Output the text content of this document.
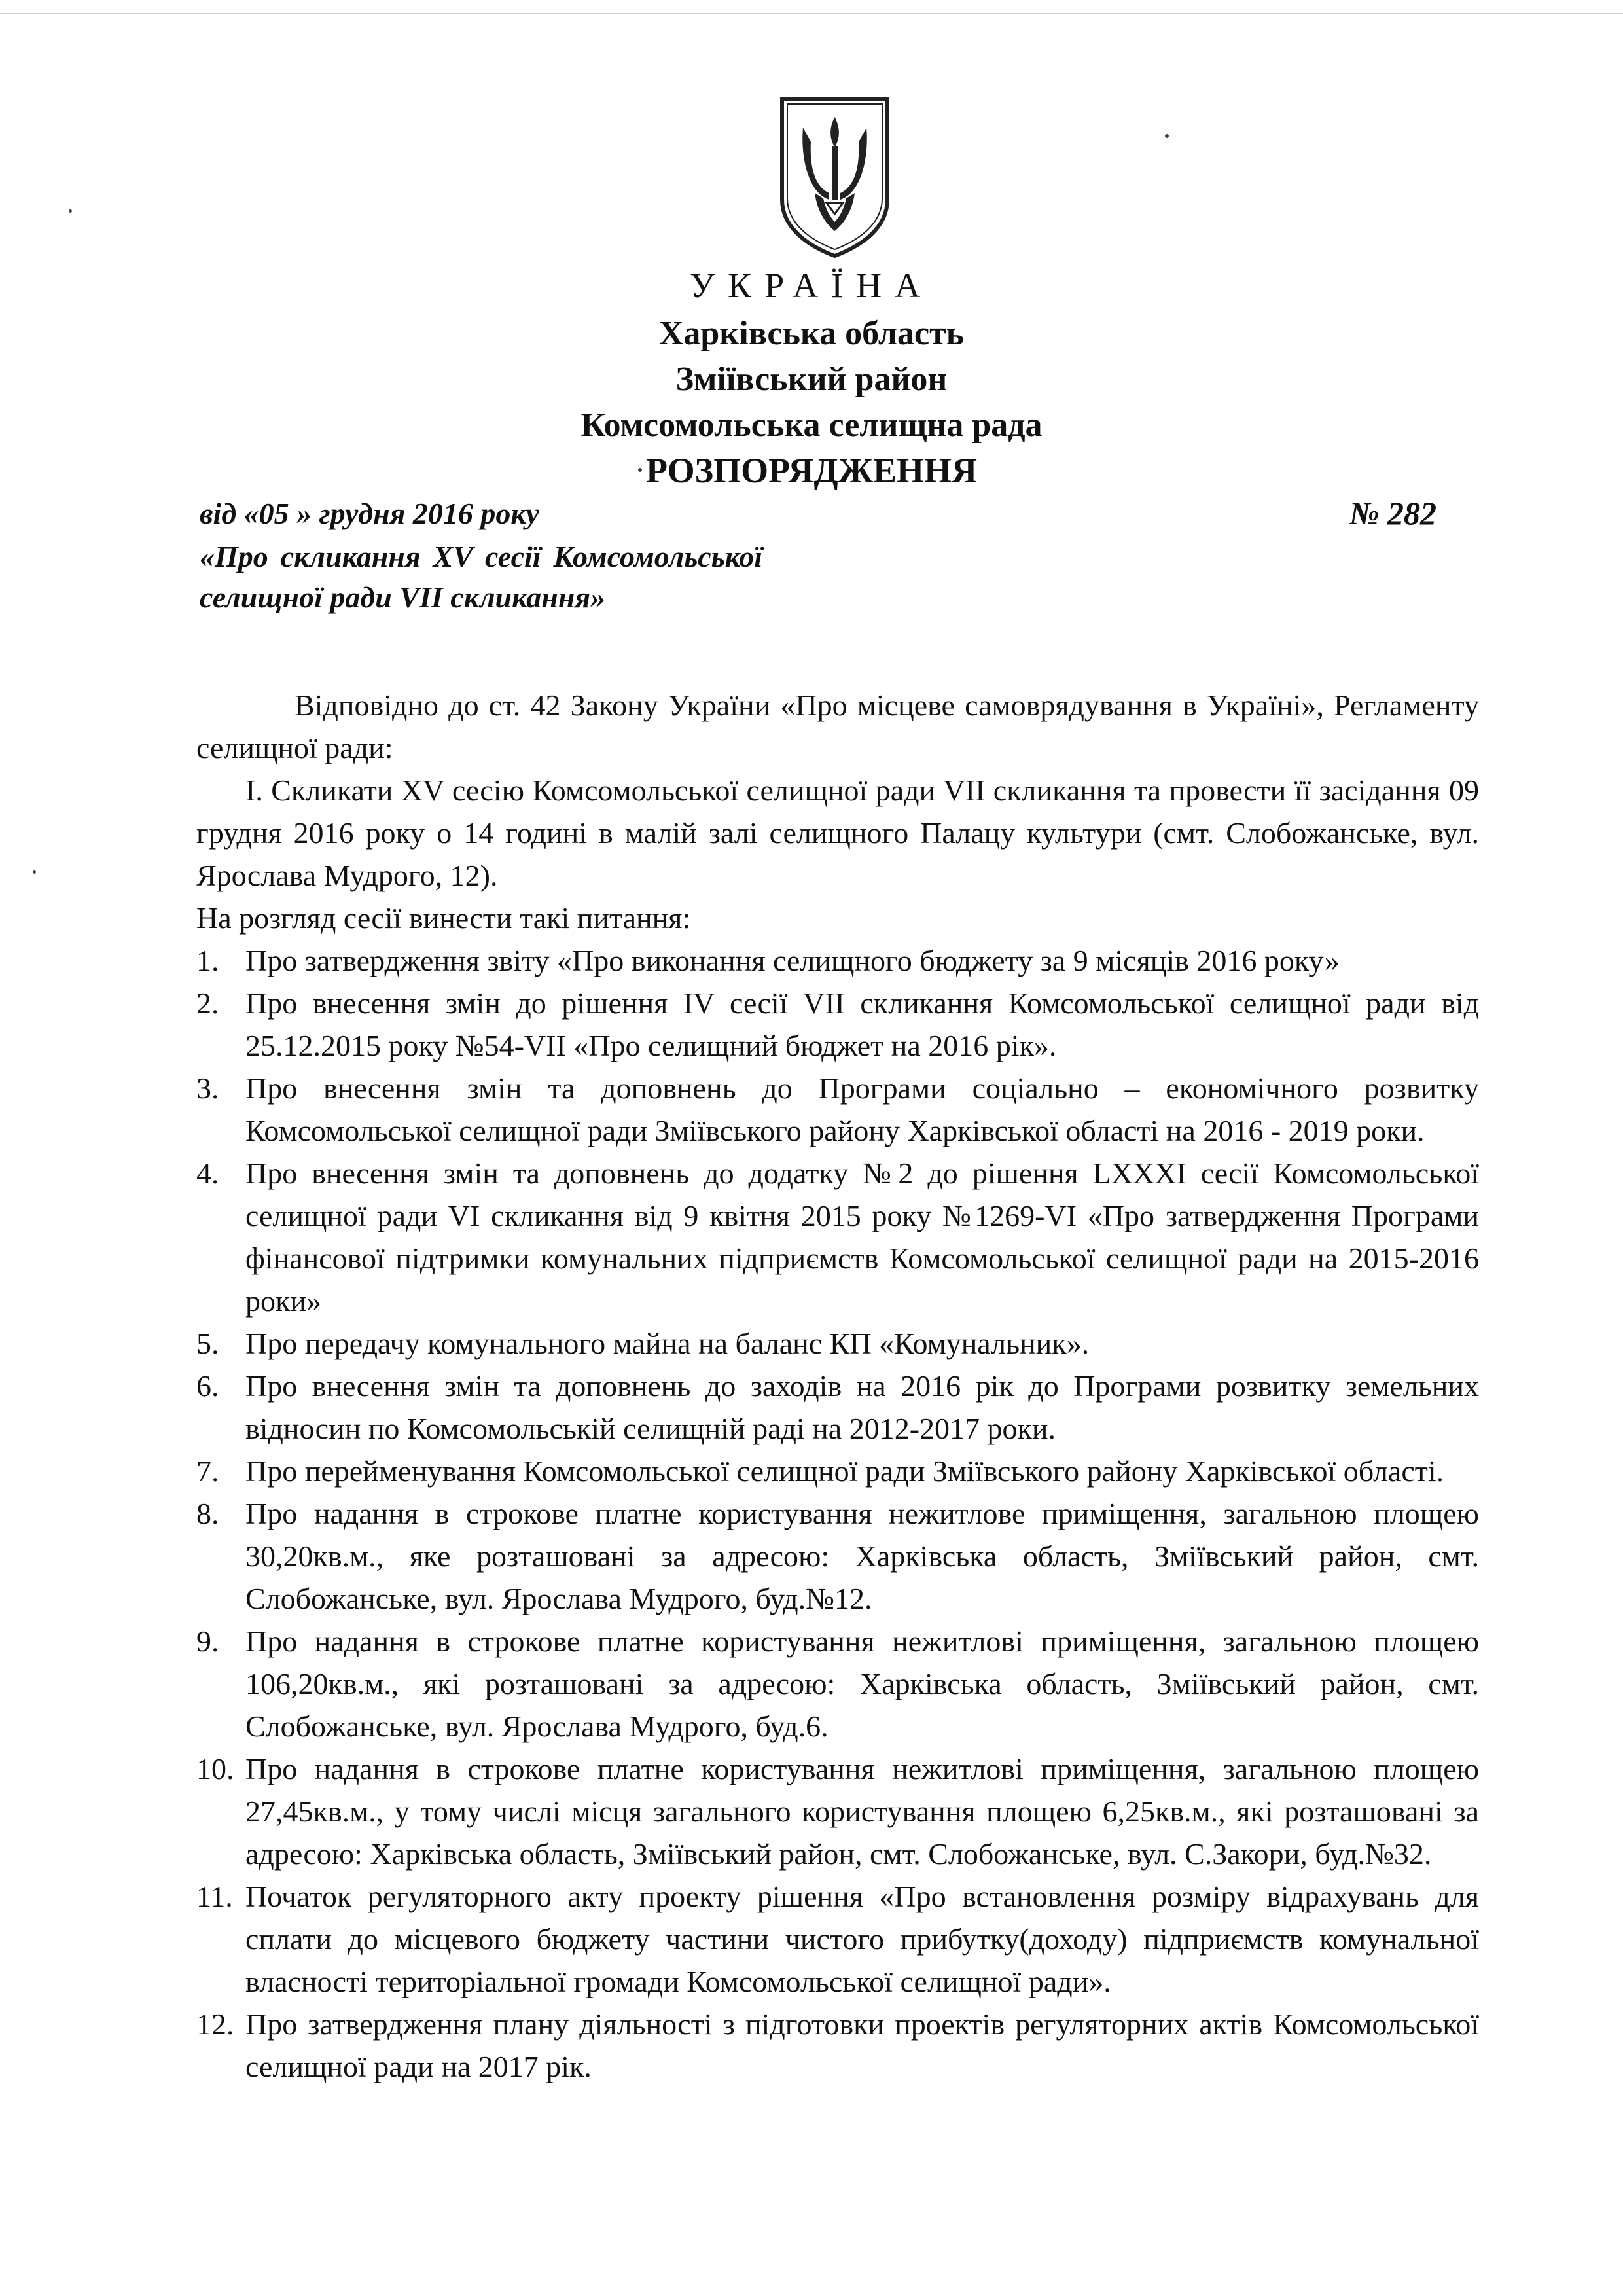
УКРАЇНА
Харківська область
Зміївський район
Комсомольська селищна рада
РОЗПОРЯДЖЕННЯ
від «05 » грудня 2016 року	№ 282
«Про скликання XV сесії Комсомольської селищної ради VII скликання»

Відповідно до ст. 42 Закону України «Про місцеве самоврядування в Україні», Регламенту селищної ради:

І. Скликати XV сесію Комсомольської селищної ради VII скликання та провести її засідання 09 грудня 2016 року о 14 годині в малій залі селищного Палацу культури (смт. Слобожанське, вул. Ярослава Мудрого, 12).

На розгляд сесії винести такі питання:

1. Про затвердження звіту «Про виконання селищного бюджету за 9 місяців 2016 року»
2. Про внесення змін до рішення IV сесії VII скликання Комсомольської селищної ради від 25.12.2015 року №54-VII «Про селищний бюджет на 2016 рік».
3. Про внесення змін та доповнень до Програми соціально – економічного розвитку Комсомольської селищної ради Зміївського району Харківської області на 2016 - 2019 роки.
4. Про внесення змін та доповнень до додатку №2 до рішення LXXXI сесії Комсомольської селищної ради VI скликання від 9 квітня 2015 року №1269-VI «Про затвердження Програми фінансової підтримки комунальних підприємств Комсомольської селищної ради на 2015-2016 роки»
5. Про передачу комунального майна на баланс КП «Комунальник».
6. Про внесення змін та доповнень до заходів на 2016 рік до Програми розвитку земельних відносин по Комсомольській селищній раді на 2012-2017 роки.
7. Про перейменування Комсомольської селищної ради Зміївського району Харківської області.
8. Про надання в строкове платне користування нежитлове приміщення, загальною площею 30,20кв.м., яке розташовані за адресою: Харківська область, Зміївський район, смт. Слобожанське, вул. Ярослава Мудрого, буд.№12.
9. Про надання в строкове платне користування нежитлові приміщення, загальною площею 106,20кв.м., які розташовані за адресою: Харківська область, Зміївський район, смт. Слобожанське, вул. Ярослава Мудрого, буд.6.
10. Про надання в строкове платне користування нежитлові приміщення, загальною площею 27,45кв.м., у тому числі місця загального користування площею 6,25кв.м., які розташовані за адресою: Харківська область, Зміївський район, смт. Слобожанське, вул. С.Закори, буд.№32.
11. Початок регуляторного акту проекту рішення «Про встановлення розміру відрахувань для сплати до місцевого бюджету частини чистого прибутку(доходу) підприємств комунальної власності територіальної громади Комсомольської селищної ради».
12. Про затвердження плану діяльності з підготовки проектів регуляторних актів Комсомольської селищної ради на 2017 рік.
